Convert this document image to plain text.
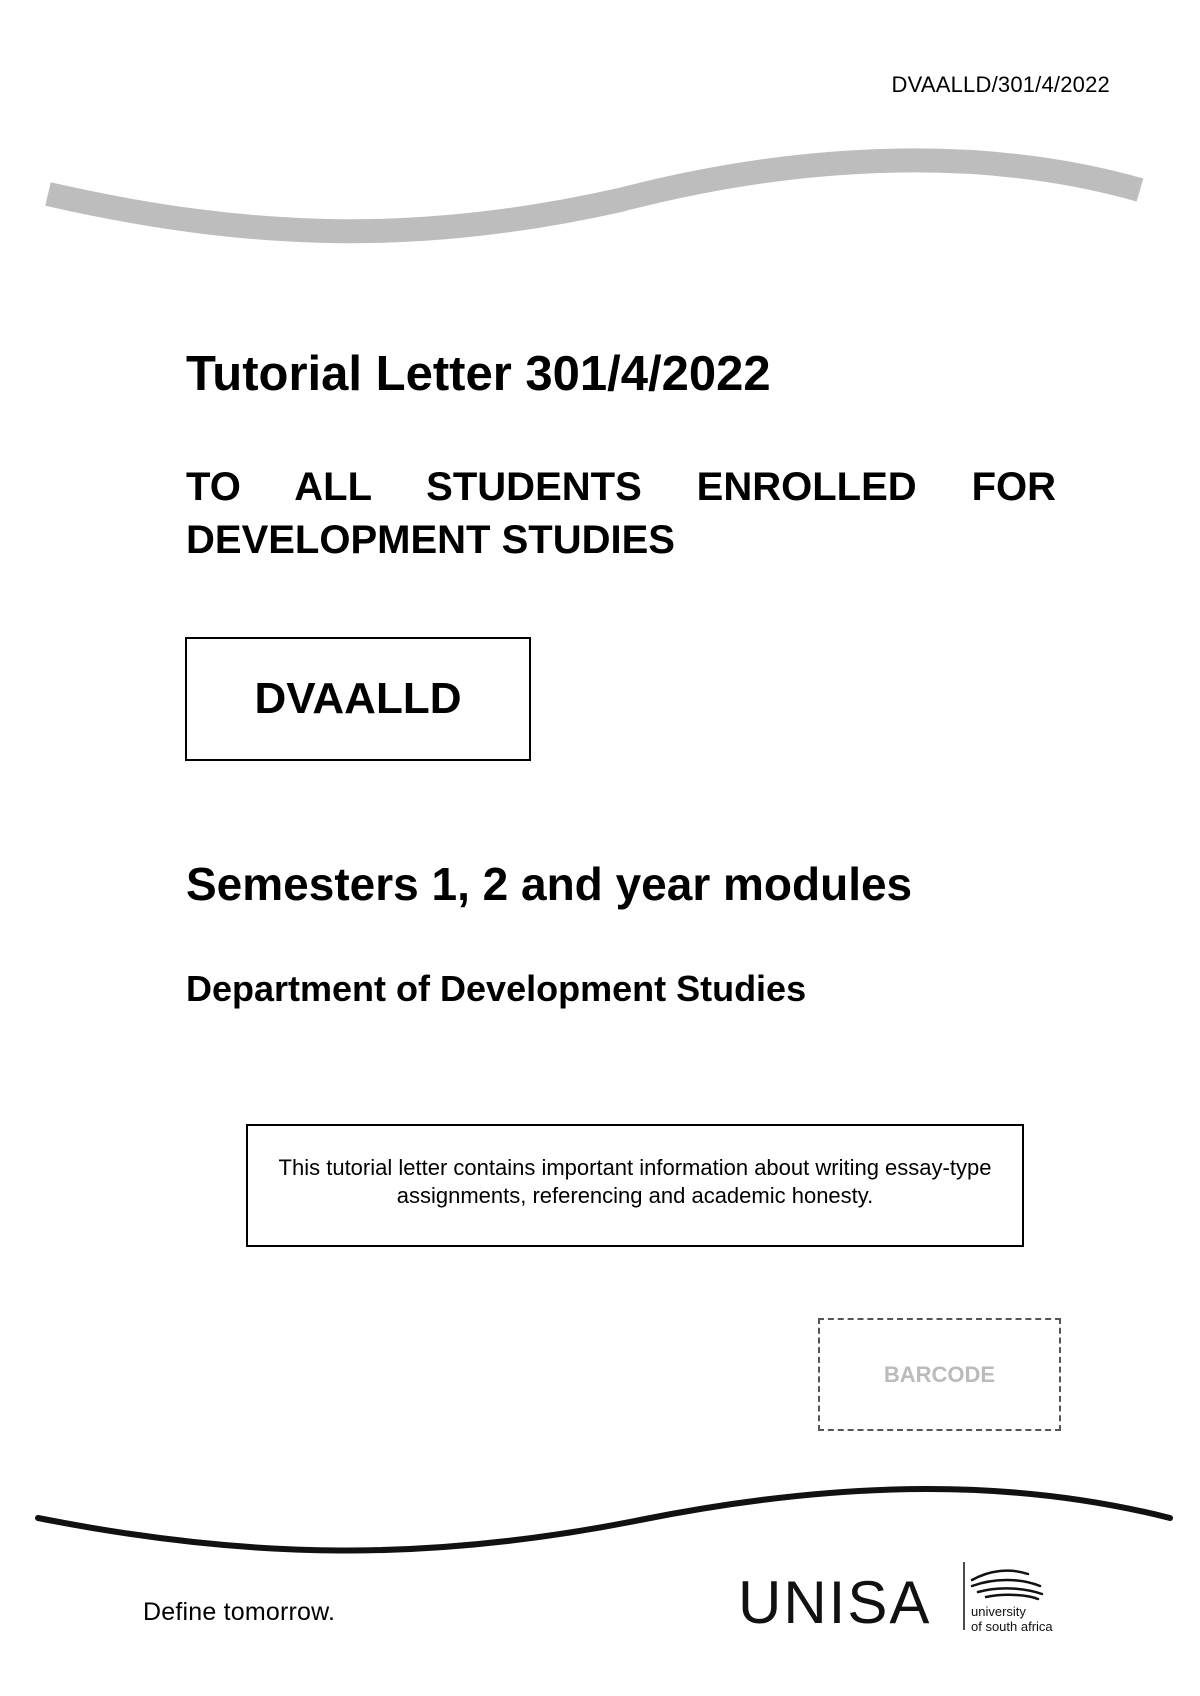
DVAALLD/301/4/2022
Tutorial Letter 301/4/2022

TO ALL STUDENTS ENROLLED FOR DEVELOPMENT STUDIES

DVAALLD
Semesters 1, 2 and year modules
Department of Development Studies
This tutorial letter contains important information about writing essay-type assignments, referencing and academic honesty.
BARCODE
Define tomorrow.	UNISA	university
of south africa
